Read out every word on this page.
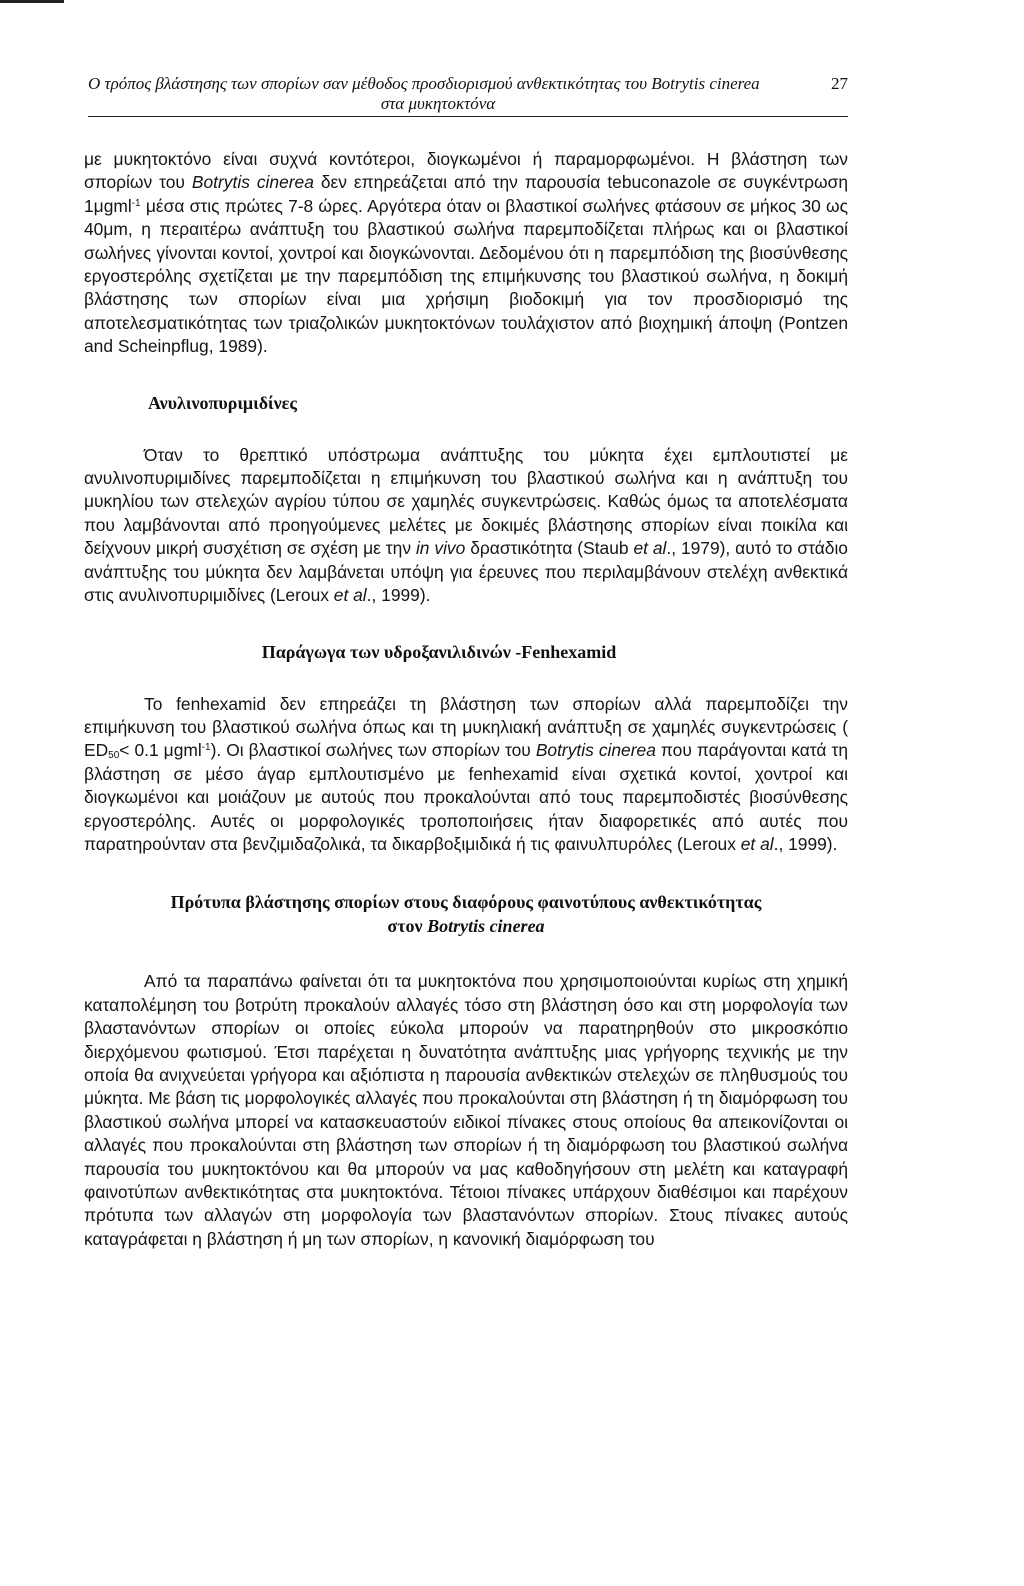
Ο τρόπος βλάστησης των σπορίων σαν μέθοδος προσδιορισμού ανθεκτικότητας του Botrytis cinerea
στα μυκητοκτόνα
27

με μυκητοκτόνο είναι συχνά κοντότεροι, διογκωμένοι ή παραμορφωμένοι. Η βλάστηση των σπορίων του Botrytis cinerea δεν επηρεάζεται από την παρουσία tebuconazole σε συγκέντρωση 1μgml$^{-1}$ μέσα στις πρώτες 7-8 ώρες. Αργότερα όταν οι βλαστικοί σωλήνες φτάσουν σε μήκος 30 ως 40μm, η περαιτέρω ανάπτυξη του βλαστικού σωλήνα παρεμποδίζεται πλήρως και οι βλαστικοί σωλήνες γίνονται κοντοί, χοντροί και διογκώνονται. Δεδομένου ότι η παρεμπόδιση της βιοσύνθεσης εργοστερόλης σχετίζεται με την παρεμπόδιση της επιμήκυνσης του βλαστικού σωλήνα, η δοκιμή βλάστησης των σπορίων είναι μια χρήσιμη βιοδοκιμή για τον προσδιορισμό της αποτελεσματικότητας των τριαζολικών μυκητοκτόνων τουλάχιστον από βιοχημική άποψη (Pontzen and Scheinpflug, 1989).

Ανυλινοπυριμιδίνες

Όταν το θρεπτικό υπόστρωμα ανάπτυξης του μύκητα έχει εμπλουτιστεί με ανυλινοπυριμιδίνες παρεμποδίζεται η επιμήκυνση του βλαστικού σωλήνα και η ανάπτυξη του μυκηλίου των στελεχών αγρίου τύπου σε χαμηλές συγκεντρώσεις. Καθώς όμως τα αποτελέσματα που λαμβάνονται από προηγούμενες μελέτες με δοκιμές βλάστησης σπορίων είναι ποικίλα και δείχνουν μικρή συσχέτιση σε σχέση με την in vivo δραστικότητα (Staub et al., 1979), αυτό το στάδιο ανάπτυξης του μύκητα δεν λαμβάνεται υπόψη για έρευνες που περιλαμβάνουν στελέχη ανθεκτικά στις ανυλινοπυριμιδίνες (Leroux et al., 1999).

Παράγωγα των υδροξανιλιδινών -Fenhexamid

Το fenhexamid δεν επηρεάζει τη βλάστηση των σπορίων αλλά παρεμποδίζει την επιμήκυνση του βλαστικού σωλήνα όπως και τη μυκηλιακή ανάπτυξη σε χαμηλές συγκεντρώσεις ( $ED_{50}< 0.1$ μgml$^{-1}$). Οι βλαστικοί σωλήνες των σπορίων του Botrytis cinerea που παράγονται κατά τη βλάστηση σε μέσο άγαρ εμπλουτισμένο με fenhexamid είναι σχετικά κοντοί, χοντροί και διογκωμένοι και μοιάζουν με αυτούς που προκαλούνται από τους παρεμποδιστές βιοσύνθεσης εργοστερόλης. Αυτές οι μορφολογικές τροποποιήσεις ήταν διαφορετικές από αυτές που παρατηρούνταν στα βενζιμιδαζολικά, τα δικαρβοξιμιδικά ή τις φαινυλπυρόλες (Leroux et al., 1999).

Πρότυπα βλάστησης σπορίων στους διαφόρους φαινοτύπους ανθεκτικότητας
στον Botrytis cinerea

Από τα παραπάνω φαίνεται ότι τα μυκητοκτόνα που χρησιμοποιούνται κυρίως στη χημική καταπολέμηση του βοτρύτη προκαλούν αλλαγές τόσο στη βλάστηση όσο και στη μορφολογία των βλαστανόντων σπορίων οι οποίες εύκολα μπορούν να παρατηρηθούν στο μικροσκόπιο διερχόμενου φωτισμού. Έτσι παρέχεται η δυνατότητα ανάπτυξης μιας γρήγορης τεχνικής με την οποία θα ανιχνεύεται γρήγορα και αξιόπιστα η παρουσία ανθεκτικών στελεχών σε πληθυσμούς του μύκητα. Με βάση τις μορφολογικές αλλαγές που προκαλούνται στη βλάστηση ή τη διαμόρφωση του βλαστικού σωλήνα μπορεί να κατασκευαστούν ειδικοί πίνακες στους οποίους θα απεικονίζονται οι αλλαγές που προκαλούνται στη βλάστηση των σπορίων ή τη διαμόρφωση του βλαστικού σωλήνα παρουσία του μυκητοκτόνου και θα μπορούν να μας καθοδηγήσουν στη μελέτη και καταγραφή φαινοτύπων ανθεκτικότητας στα μυκητοκτόνα. Τέτοιοι πίνακες υπάρχουν διαθέσιμοι και παρέχουν πρότυπα των αλλαγών στη μορφολογία των βλαστανόντων σπορίων. Στους πίνακες αυτούς καταγράφεται η βλάστηση ή μη των σπορίων, η κανονική διαμόρφωση του
